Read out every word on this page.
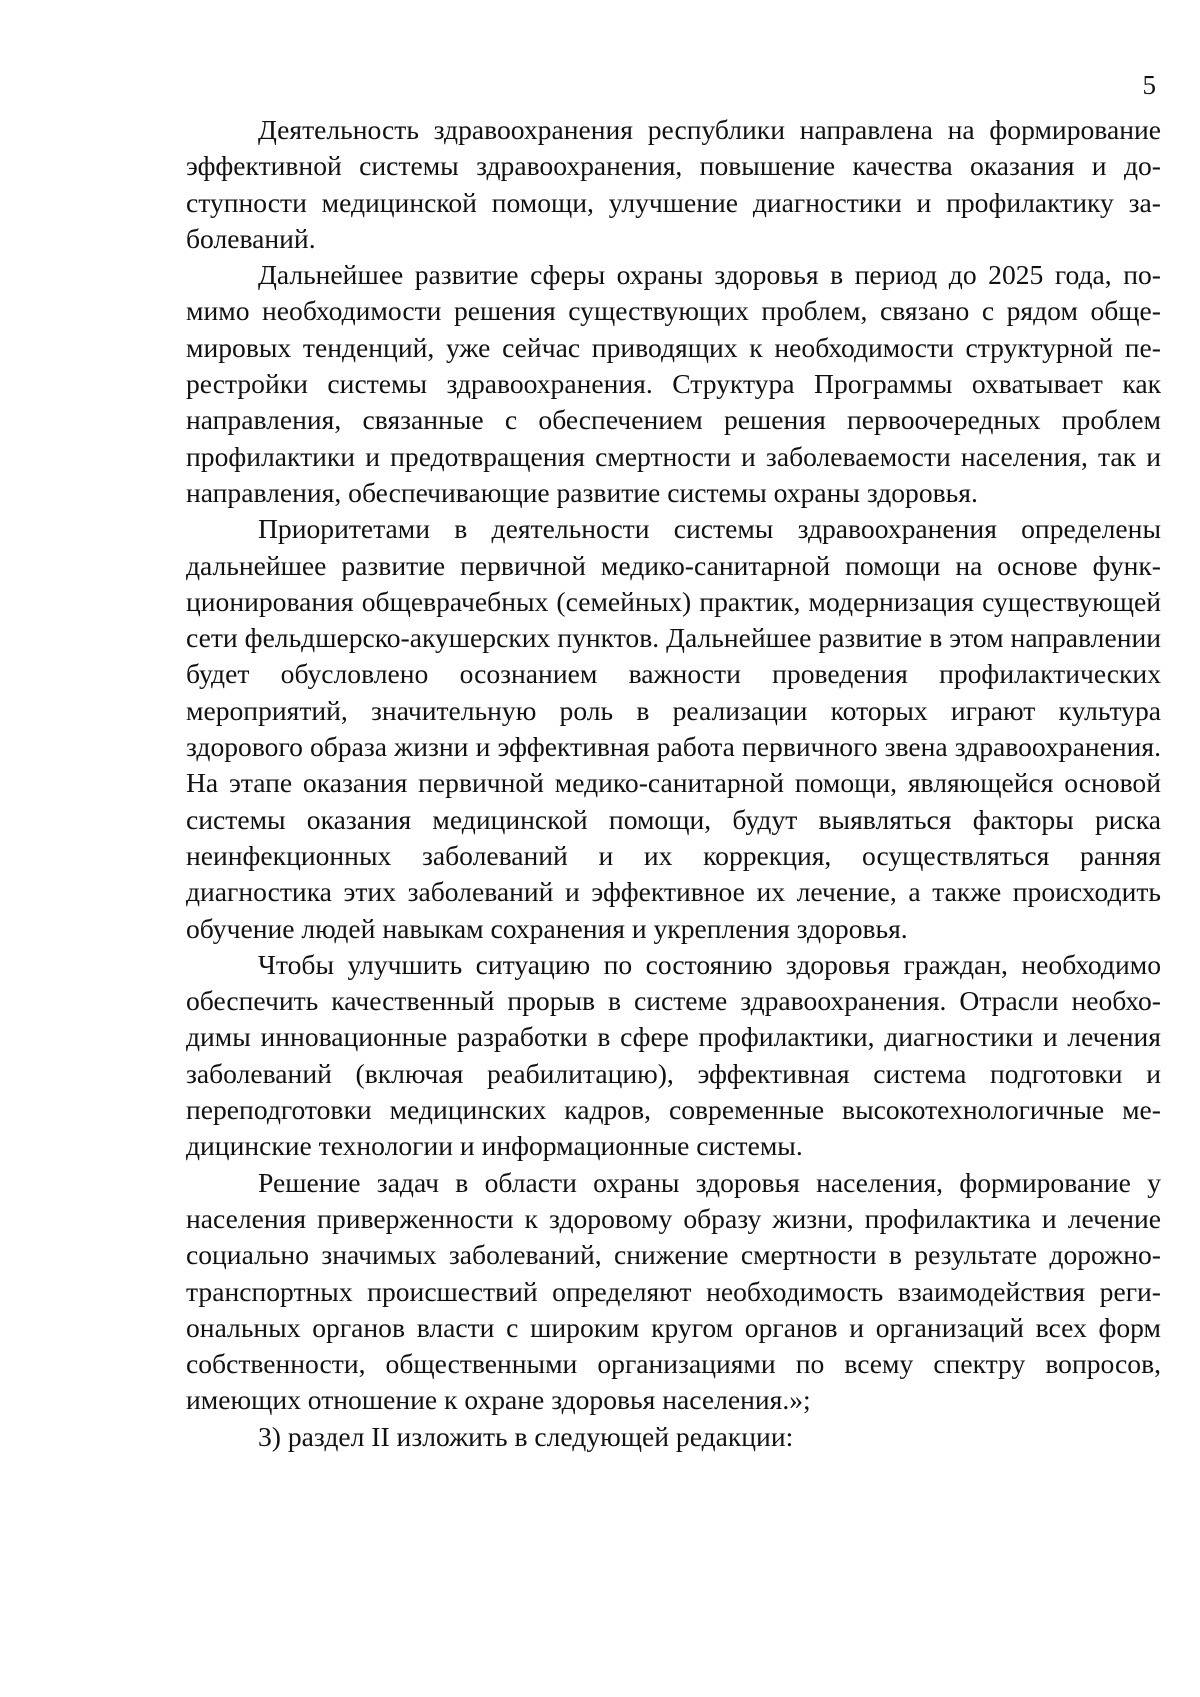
5

Деятельность здравоохранения республики направлена на формирование эффективной системы здравоохранения, повышение качества оказания и доступности медицинской помощи, улучшение диагностики и профилактику заболеваний.

Дальнейшее развитие сферы охраны здоровья в период до 2025 года, помимо необходимости решения существующих проблем, связано с рядом общемировых тенденций, уже сейчас приводящих к необходимости структурной перестройки системы здравоохранения. Структура Программы охватывает как направления, связанные с обеспечением решения первоочередных проблем профилактики и предотвращения смертности и заболеваемости населения, так и направления, обеспечивающие развитие системы охраны здоровья.

Приоритетами в деятельности системы здравоохранения определены дальнейшее развитие первичной медико-санитарной помощи на основе функционирования общеврачебных (семейных) практик, модернизация существующей сети фельдшерско-акушерских пунктов. Дальнейшее развитие в этом направлении будет обусловлено осознанием важности проведения профилактических мероприятий, значительную роль в реализации которых играют культура здорового образа жизни и эффективная работа первичного звена здравоохранения. На этапе оказания первичной медико-санитарной помощи, являющейся основой системы оказания медицинской помощи, будут выявляться факторы риска неинфекционных заболеваний и их коррекция, осуществляться ранняя диагностика этих заболеваний и эффективное их лечение, а также происходить обучение людей навыкам сохранения и укрепления здоровья.

Чтобы улучшить ситуацию по состоянию здоровья граждан, необходимо обеспечить качественный прорыв в системе здравоохранения. Отрасли необходимы инновационные разработки в сфере профилактики, диагностики и лечения заболеваний (включая реабилитацию), эффективная система подготовки и переподготовки медицинских кадров, современные высокотехнологичные медицинские технологии и информационные системы.

Решение задач в области охраны здоровья населения, формирование у населения приверженности к здоровому образу жизни, профилактика и лечение социально значимых заболеваний, снижение смертности в результате дорожно-транспортных происшествий определяют необходимость взаимодействия региональных органов власти с широким кругом органов и организаций всех форм собственности, общественными организациями по всему спектру вопросов, имеющих отношение к охране здоровья населения.»;

3) раздел II изложить в следующей редакции:
